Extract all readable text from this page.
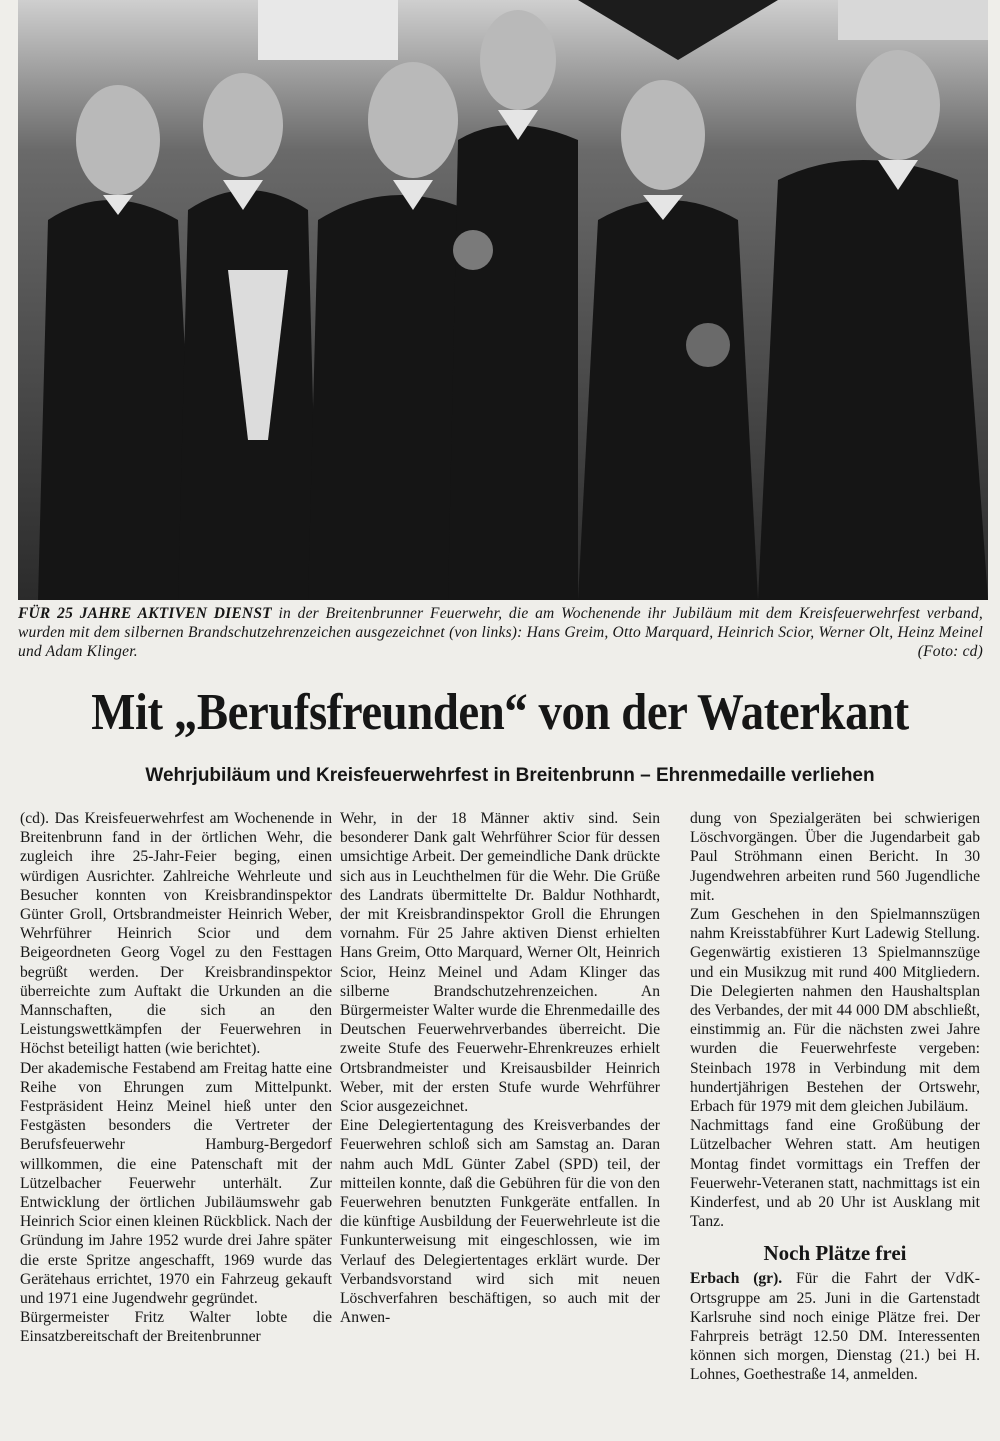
FÜR 25 JAHRE AKTIVEN DIENST in der Breitenbrunner Feuerwehr, die am Wochenende ihr Jubiläum mit dem Kreisfeuerwehrfest verband, wurden mit dem silbernen Brandschutzehrenzeichen ausgezeichnet (von links): Hans Greim, Otto Marquard, Heinrich Scior, Werner Olt, Heinz Meinel und Adam Klinger.	(Foto: cd)
Mit „Berufsfreunden“ von der Waterkant
Wehrjubiläum und Kreisfeuerwehrfest in Breitenbrunn – Ehrenmedaille verliehen

(cd). Das Kreisfeuerwehrfest am Wochenende in Breitenbrunn fand in der örtlichen Wehr, die zugleich ihre 25-Jahr-Feier beging, einen würdigen Ausrichter. Zahlreiche Wehrleute und Besucher konnten von Kreisbrandinspektor Günter Groll, Ortsbrandmeister Heinrich Weber, Wehrführer Heinrich Scior und dem Beigeordneten Georg Vogel zu den Festtagen begrüßt werden. Der Kreisbrandinspektor überreichte zum Auftakt die Urkunden an die Mannschaften, die sich an den Leistungswettkämpfen der Feuerwehren in Höchst beteiligt hatten (wie berichtet).

Der akademische Festabend am Freitag hatte eine Reihe von Ehrungen zum Mittelpunkt. Festpräsident Heinz Meinel hieß unter den Festgästen besonders die Vertreter der Berufsfeuerwehr Hamburg-Bergedorf willkommen, die eine Patenschaft mit der Lützelbacher Feuerwehr unterhält. Zur Entwicklung der örtlichen Jubiläumswehr gab Heinrich Scior einen kleinen Rückblick. Nach der Gründung im Jahre 1952 wurde drei Jahre später die erste Spritze angeschafft, 1969 wurde das Gerätehaus errichtet, 1970 ein Fahrzeug gekauft und 1971 eine Jugendwehr gegründet.

Bürgermeister Fritz Walter lobte die Einsatzbereitschaft der Breitenbrunner

Wehr, in der 18 Männer aktiv sind. Sein besonderer Dank galt Wehrführer Scior für dessen umsichtige Arbeit. Der gemeindliche Dank drückte sich aus in Leuchthelmen für die Wehr. Die Grüße des Landrats übermittelte Dr. Baldur Nothhardt, der mit Kreisbrandinspektor Groll die Ehrungen vornahm. Für 25 Jahre aktiven Dienst erhielten Hans Greim, Otto Marquard, Werner Olt, Heinrich Scior, Heinz Meinel und Adam Klinger das silberne Brandschutzehrenzeichen. An Bürgermeister Walter wurde die Ehrenmedaille des Deutschen Feuerwehrverbandes überreicht. Die zweite Stufe des Feuerwehr-Ehrenkreuzes erhielt Ortsbrandmeister und Kreisausbilder Heinrich Weber, mit der ersten Stufe wurde Wehrführer Scior ausgezeichnet.

Eine Delegiertentagung des Kreisverbandes der Feuerwehren schloß sich am Samstag an. Daran nahm auch MdL Günter Zabel (SPD) teil, der mitteilen konnte, daß die Gebühren für die von den Feuerwehren benutzten Funkgeräte entfallen. In die künftige Ausbildung der Feuerwehrleute ist die Funkunterweisung mit eingeschlossen, wie im Verlauf des Delegiertentages erklärt wurde. Der Verbandsvorstand wird sich mit neuen Löschverfahren beschäftigen, so auch mit der Anwen-

dung von Spezialgeräten bei schwierigen Löschvorgängen. Über die Jugendarbeit gab Paul Ströhmann einen Bericht. In 30 Jugendwehren arbeiten rund 560 Jugendliche mit.

Zum Geschehen in den Spielmannszügen nahm Kreisstabführer Kurt Ladewig Stellung. Gegenwärtig existieren 13 Spielmannszüge und ein Musikzug mit rund 400 Mitgliedern. Die Delegierten nahmen den Haushaltsplan des Verbandes, der mit 44 000 DM abschließt, einstimmig an. Für die nächsten zwei Jahre wurden die Feuerwehrfeste vergeben: Steinbach 1978 in Verbindung mit dem hundertjährigen Bestehen der Ortswehr, Erbach für 1979 mit dem gleichen Jubiläum.

Nachmittags fand eine Großübung der Lützelbacher Wehren statt. Am heutigen Montag findet vormittags ein Treffen der Feuerwehr-Veteranen statt, nachmittags ist ein Kinderfest, und ab 20 Uhr ist Ausklang mit Tanz.

Noch Plätze frei

Erbach (gr). Für die Fahrt der VdK-Ortsgruppe am 25. Juni in die Gartenstadt Karlsruhe sind noch einige Plätze frei. Der Fahrpreis beträgt 12.50 DM. Interessenten können sich morgen, Dienstag (21.) bei H. Lohnes, Goethestraße 14, anmelden.
